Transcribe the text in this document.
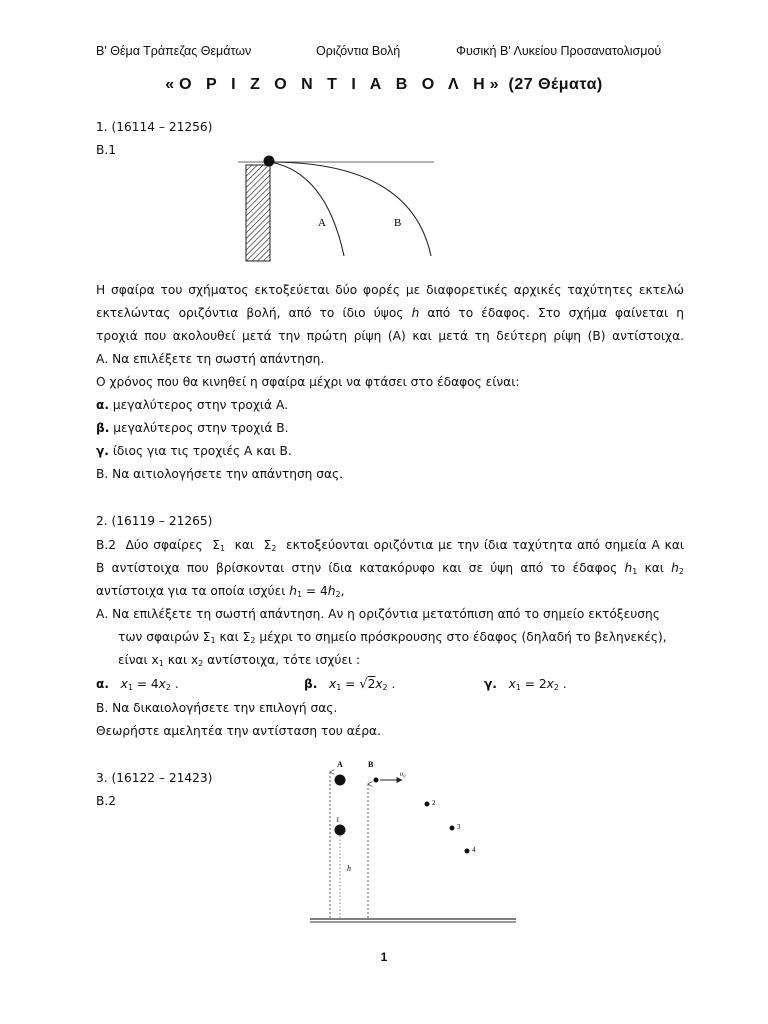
Β' Θέμα Τράπεζας Θεμάτων	Οριζόντια Βολή	Φυσική Β' Λυκείου Προσανατολισμού
«Ο Ρ Ι Ζ Ο Ν Τ Ι Α Β Ο Λ Η» (27 Θέματα)
1. (16114 – 21256)
Β.1
Α	Β
Η σφαίρα του σχήματος εκτοξεύεται δύο φορές με διαφορετικές αρχικές ταχύτητες εκτελώ
εκτελώντας οριζόντια βολή, από το ίδιο ύψος h από το έδαφος. Στο σχήμα φαίνεται η
τροχιά που ακολουθεί μετά την πρώτη ρίψη (Α) και μετά τη δεύτερη ρίψη (Β) αντίστοιχα.
Α. Να επιλέξετε τη σωστή απάντηση.
Ο χρόνος που θα κινηθεί η σφαίρα μέχρι να φτάσει στο έδαφος είναι:
α. μεγαλύτερος στην τροχιά Α.
β. μεγαλύτερος στην τροχιά Β.
γ. ίδιος για τις τροχιές Α και Β.
Β. Να αιτιολογήσετε την απάντηση σας.
2. (16119 – 21265)
Β.2  Δύο σφαίρες  $\Sigma_1$  και  $\Sigma_2$  εκτοξεύονται οριζόντια με την ίδια ταχύτητα από σημεία Α και
Β αντίστοιχα που βρίσκονται στην ίδια κατακόρυφο και σε ύψη από το έδαφος $h_1$ και $h_2$
αντίστοιχα για τα οποία ισχύει $h_1 = 4h_2$,
Α. Να επιλέξετε τη σωστή απάντηση. Αν η οριζόντια μετατόπιση από το σημείο εκτόξευσης
των σφαιρών $\Sigma_1$ και $\Sigma_2$ μέχρι το σημείο πρόσκρουσης στο έδαφος (δηλαδή το βεληνεκές),
είναι $x_1$ και $x_2$ αντίστοιχα, τότε ισχύει :
α. $x_1 = 4x_2$ .	β. $x_1 = √2x_2$ .	γ. $x_1 = 2x_2$ .
Β. Να δικαιολογήσετε την επιλογή σας.
Θεωρήστε αμελητέα την αντίσταση του αέρα.
3. (16122 – 21423)
Β.2
Α	Β
1
υ₀
2
3
4
h
1
